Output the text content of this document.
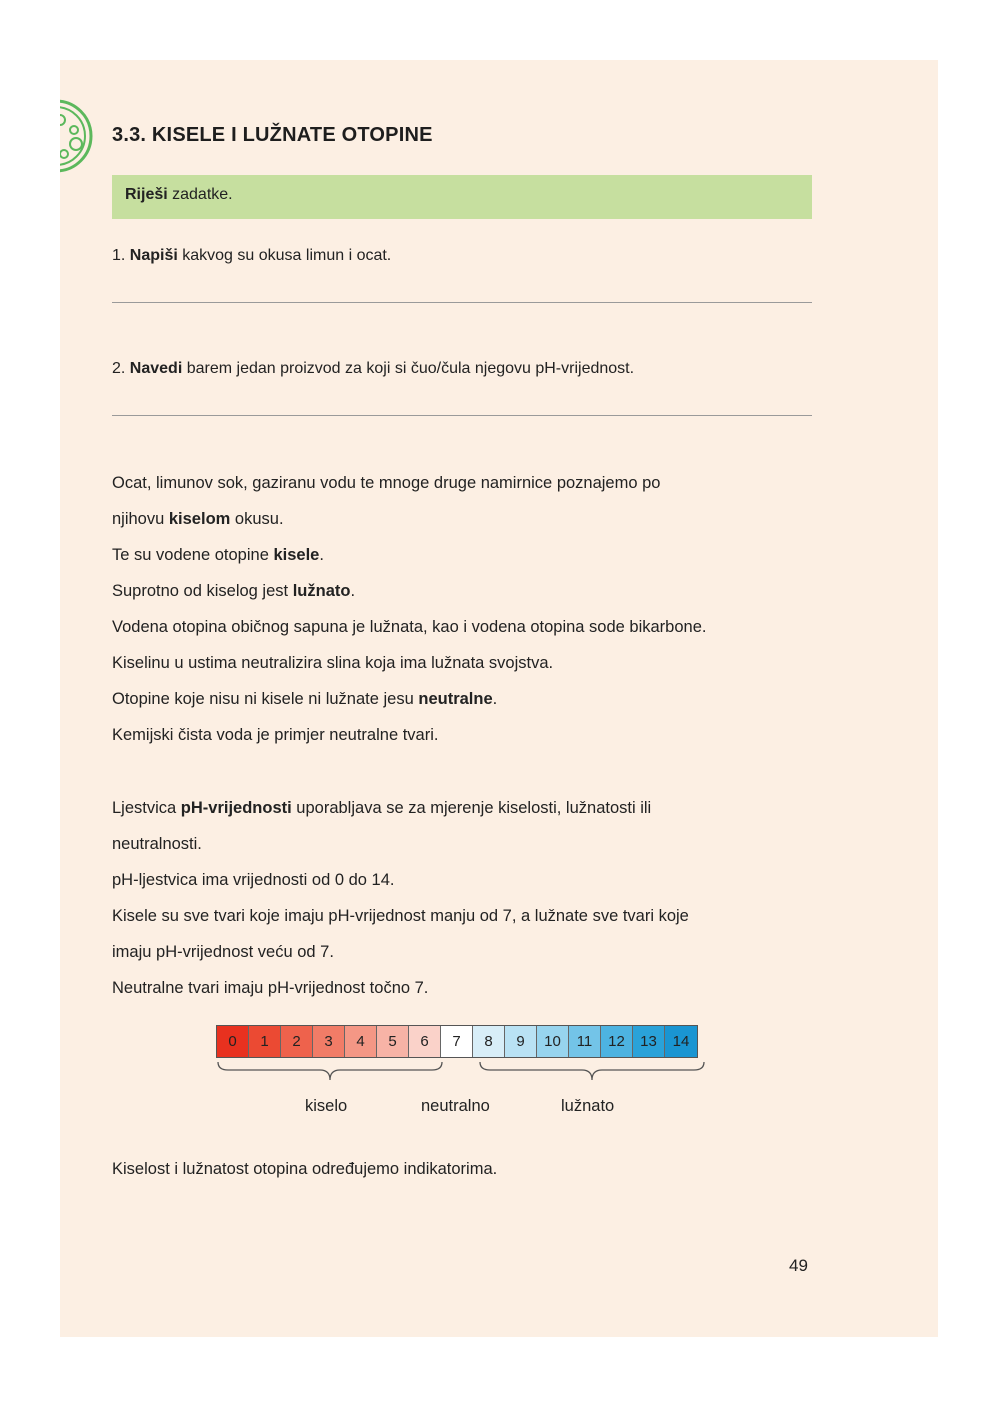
3.3. KISELE I LUŽNATE OTOPINE
Riješi zadatke.
1. Napiši kakvog su okusa limun i ocat.
2. Navedi barem jedan proizvod za koji si čuo/čula njegovu pH-vrijednost.
Ocat, limunov sok, gaziranu vodu te mnoge druge namirnice poznajemo po
njihovu kiselom okusu.
Te su vodene otopine kisele.
Suprotno od kiselog jest lužnato.
Vodena otopina običnog sapuna je lužnata, kao i vodena otopina sode bikarbone.
Kiselinu u ustima neutralizira slina koja ima lužnata svojstva.
Otopine koje nisu ni kisele ni lužnate jesu neutralne.
Kemijski čista voda je primjer neutralne tvari.
Ljestvica pH-vrijednosti uporabljava se za mjerenje kiselosti, lužnatosti ili
neutralnosti.
pH-ljestvica ima vrijednosti od 0 do 14.
Kisele su sve tvari koje imaju pH-vrijednost manju od 7, a lužnate sve tvari koje
imaju pH-vrijednost veću od 7.
Neutralne tvari imaju pH-vrijednost točno 7.
0	1	2	3	4	5	6	7	8	9	10	11	12	13	14
kiselo	neutralno	lužnato
Kiselost i lužnatost otopina određujemo indikatorima.
49
